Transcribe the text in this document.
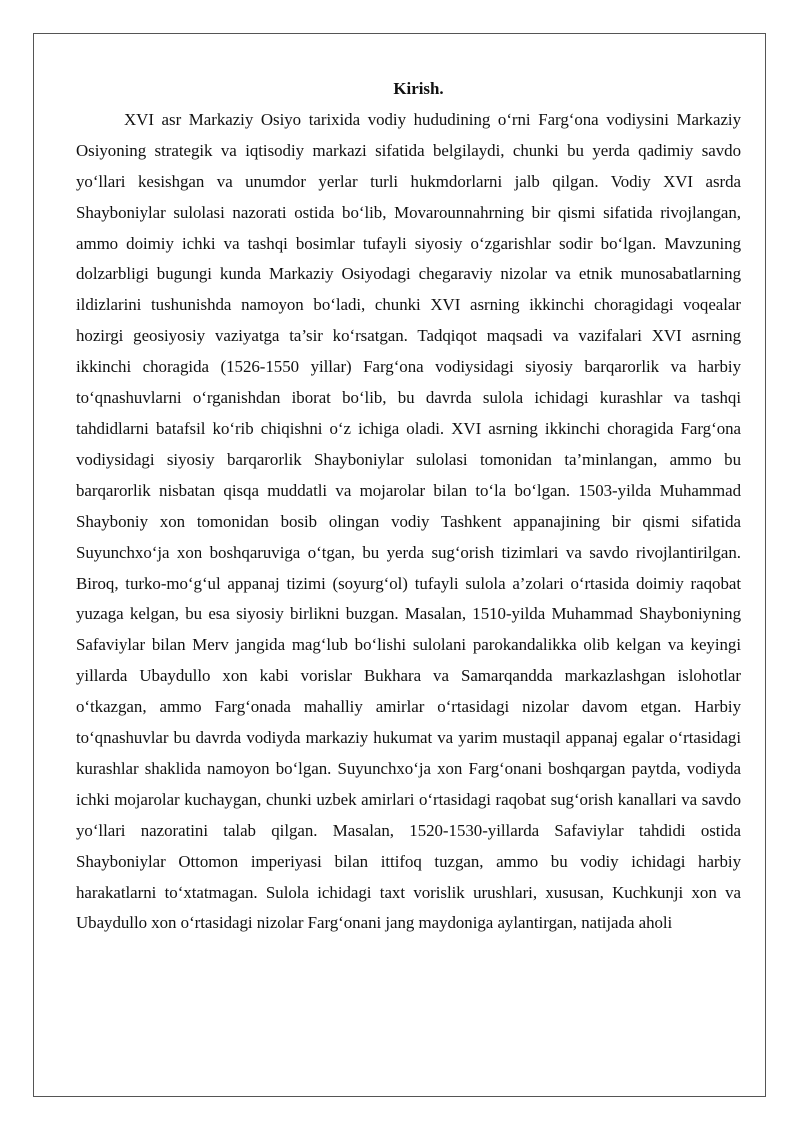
Kirish.

XVI asr Markaziy Osiyo tarixida vodiy hududining o‘rni Farg‘ona vodiysini Markaziy Osiyoning strategik va iqtisodiy markazi sifatida belgilaydi, chunki bu yerda qadimiy savdo yo‘llari kesishgan va unumdor yerlar turli hukmdorlarni jalb qilgan. Vodiy XVI asrda Shayboniylar sulolasi nazorati ostida bo‘lib, Movarounnahrning bir qismi sifatida rivojlangan, ammo doimiy ichki va tashqi bosimlar tufayli siyosiy o‘zgarishlar sodir bo‘lgan. Mavzuning dolzarbligi bugungi kunda Markaziy Osiyodagi chegaraviy nizolar va etnik munosabatlarning ildizlarini tushunishda namoyon bo‘ladi, chunki XVI asrning ikkinchi choragidagi voqealar hozirgi geosiyosiy vaziyatga ta’sir ko‘rsatgan. Tadqiqot maqsadi va vazifalari XVI asrning ikkinchi choragida (1526-1550 yillar) Farg‘ona vodiysidagi siyosiy barqarorlik va harbiy to‘qnashuvlarni o‘rganishdan iborat bo‘lib, bu davrda sulola ichidagi kurashlar va tashqi tahdidlarni batafsil ko‘rib chiqishni o‘z ichiga oladi. XVI asrning ikkinchi choragida Farg‘ona vodiysidagi siyosiy barqarorlik Shayboniylar sulolasi tomonidan ta’minlangan, ammo bu barqarorlik nisbatan qisqa muddatli va mojarolar bilan to‘la bo‘lgan. 1503-yilda Muhammad Shayboniy xon tomonidan bosib olingan vodiy Tashkent appanajining bir qismi sifatida Suyunchxo‘ja xon boshqaruviga o‘tgan, bu yerda sug‘orish tizimlari va savdo rivojlantirilgan. Biroq, turko-mo‘g‘ul appanaj tizimi (soyurg‘ol) tufayli sulola a’zolari o‘rtasida doimiy raqobat yuzaga kelgan, bu esa siyosiy birlikni buzgan. Masalan, 1510-yilda Muhammad Shayboniyning Safaviylar bilan Merv jangida mag‘lub bo‘lishi sulolani parokandalikka olib kelgan va keyingi yillarda Ubaydullo xon kabi vorislar Bukhara va Samarqandda markazlashgan islohotlar o‘tkazgan, ammo Farg‘onada mahalliy amirlar o‘rtasidagi nizolar davom etgan. Harbiy to‘qnashuvlar bu davrda vodiyda markaziy hukumat va yarim mustaqil appanaj egalar o‘rtasidagi kurashlar shaklida namoyon bo‘lgan. Suyunchxo‘ja xon Farg‘onani boshqargan paytda, vodiyda ichki mojarolar kuchaygan, chunki uzbek amirlari o‘rtasidagi raqobat sug‘orish kanallari va savdo yo‘llari nazoratini talab qilgan. Masalan, 1520-1530-yillarda Safaviylar tahdidi ostida Shayboniylar Ottomon imperiyasi bilan ittifoq tuzgan, ammo bu vodiy ichidagi harbiy harakatlarni to‘xtatmagan. Sulola ichidagi taxt vorislik urushlari, xususan, Kuchkunji xon va Ubaydullo xon o‘rtasidagi nizolar Farg‘onani jang maydoniga aylantirgan, natijada aholi
